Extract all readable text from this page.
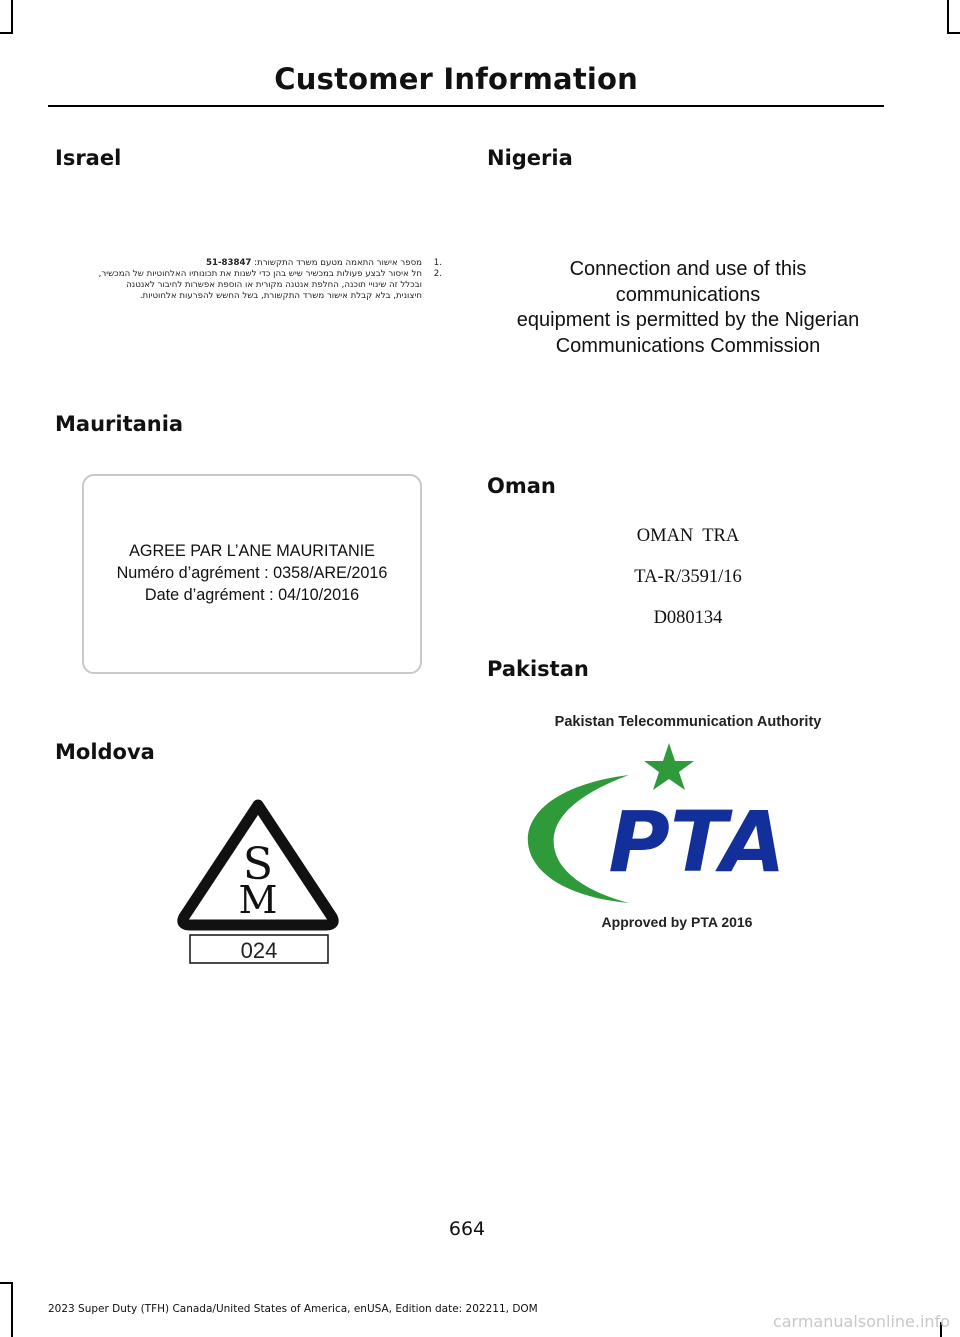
Customer Information
Israel
.1מספר אישור התאמה מטעם משרד התקשורת: 51-83847
.2חל איסור לבצע פעולות במכשיר שיש בהן כדי לשנות את תכונותיו האלחוטיות של המכשיר,
ובכלל זה שינויי תוכנה, החלפת אנטנה מקורית או הוספת אפשרות לחיבור לאנטנה
חיצונית, בלא קבלת אישור משרד התקשורת, בשל החשש להפרעות אלחוטיות.
Nigeria
Connection and use of this
communications
equipment is permitted by the Nigerian
Communications Commission
Mauritania
AGREE PAR L’ANE MAURITANIE
Numéro d’agrément : 0358/ARE/2016
Date d’agrément : 04/10/2016
Oman
OMAN  TRA
TA-R/3591/16
D080134
Pakistan
Pakistan Telecommunication Authority
PTA
Approved by PTA 2016
Moldova
S
M
024
664
2023 Super Duty (TFH) Canada/United States of America, enUSA, Edition date: 202211, DOM
carmanualsonline.info
